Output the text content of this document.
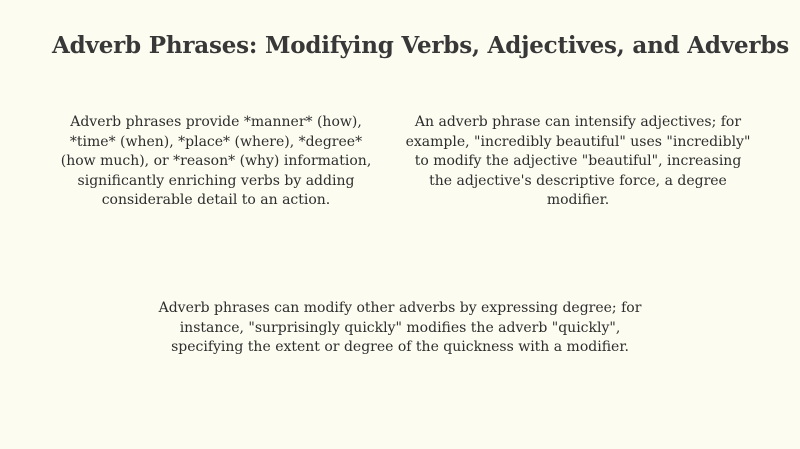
Adverb Phrases: Modifying Verbs, Adjectives, and Adverbs

Adverb phrases provide *manner* (how), *time* (when), *place* (where), *degree* (how much), or *reason* (why) information, significantly enriching verbs by adding considerable detail to an action.

An adverb phrase can intensify adjectives; for example, "incredibly beautiful" uses "incredibly" to modify the adjective "beautiful", increasing the adjective's descriptive force, a degree modifier.

Adverb phrases can modify other adverbs by expressing degree; for instance, "surprisingly quickly" modifies the adverb "quickly", specifying the extent or degree of the quickness with a modifier.
